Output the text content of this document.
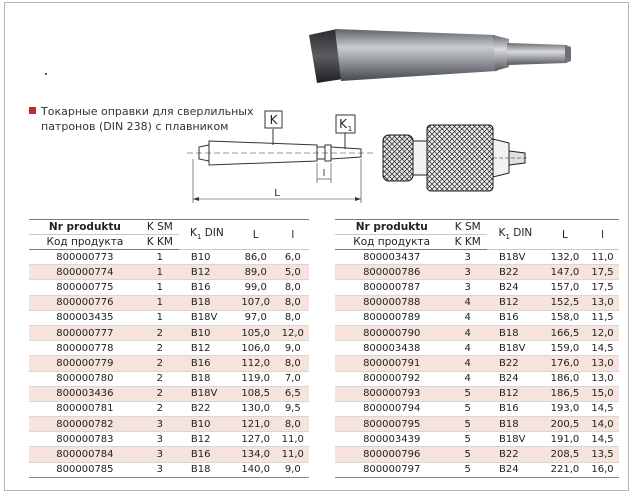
Токарные оправки для сверлильных
патронов (DIN 238) с плавником	K	K 1
L
l
Nr produktu	K SM	$K_1$ DIN	L	l
Код продукта	K KM			
800000773	1	B10	86,0	6,0
800000774	1	B12	89,0	5,0
800000775	1	B16	99,0	8,0
800000776	1	B18	107,0	8,0
800003435	1	B18V	97,0	8,0
800000777	2	B10	105,0	12,0
800000778	2	B12	106,0	9,0
800000779	2	B16	112,0	8,0
800000780	2	B18	119,0	7,0
800003436	2	B18V	108,5	6,5
800000781	2	B22	130,0	9,5
800000782	3	B10	121,0	8,0
800000783	3	B12	127,0	11,0
800000784	3	B16	134,0	11,0
800000785	3	B18	140,0	9,0
Nr produktu	K SM	$K_1$ DIN	L	l
Код продукта	K KM			
800003437	3	B18V	132,0	11,0
800000786	3	B22	147,0	17,5
800000787	3	B24	157,0	17,5
800000788	4	B12	152,5	13,0
800000789	4	B16	158,0	11,5
800000790	4	B18	166,5	12,0
800003438	4	B18V	159,0	14,5
800000791	4	B22	176,0	13,0
800000792	4	B24	186,0	13,0
800000793	5	B12	186,5	15,0
800000794	5	B16	193,0	14,5
800000795	5	B18	200,5	14,0
800003439	5	B18V	191,0	14,5
800000796	5	B22	208,5	13,5
800000797	5	B24	221,0	16,0
